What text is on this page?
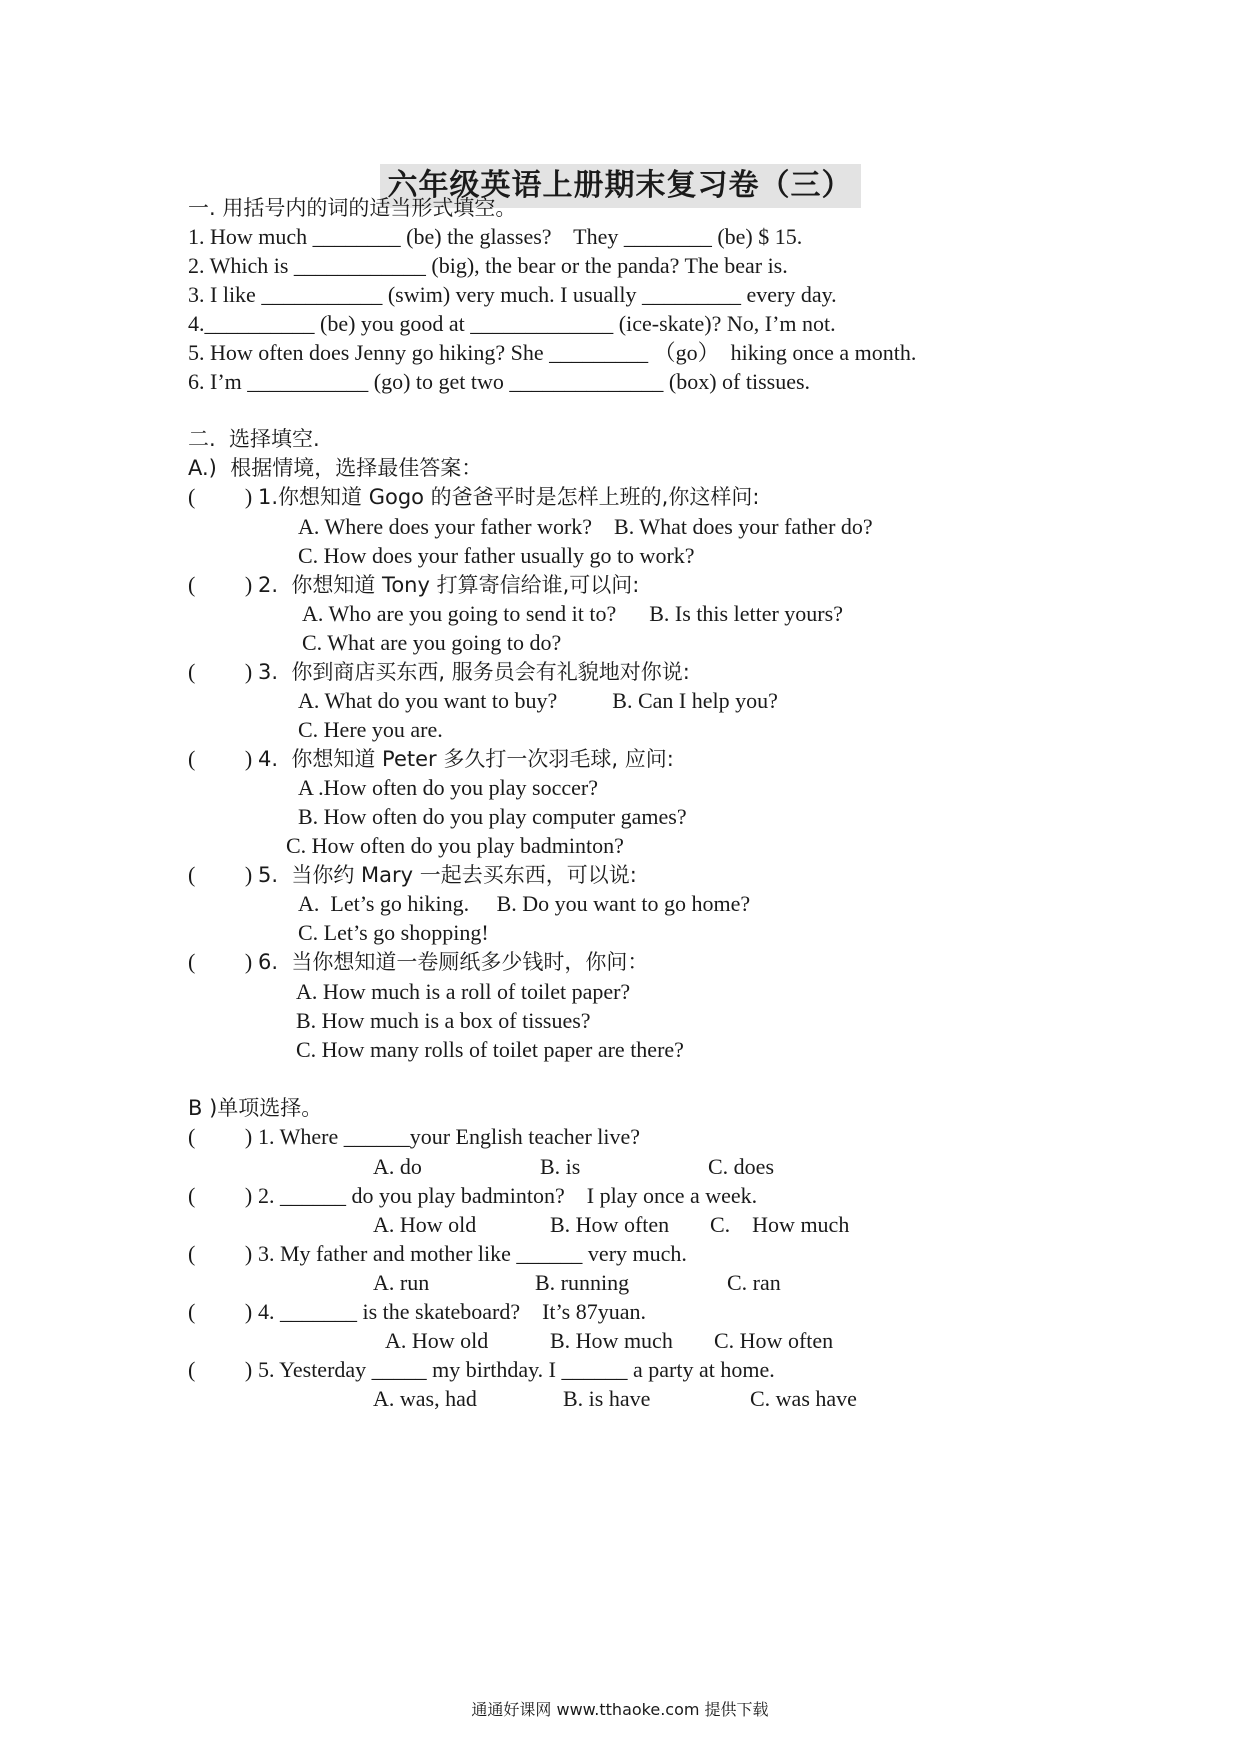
六年级英语上册期末复习卷（三）
一. 用括号内的词的适当形式填空。
1. How much ________ (be) the glasses?    They ________ (be) $ 15.
2. Which is ____________ (big), the bear or the panda? The bear is.
3. I like ___________ (swim) very much. I usually _________ every day.
4.__________ (be) you good at _____________ (ice-skate)? No, I’m not.
5. How often does Jenny go hiking? She _________ （go）  hiking once a month.
6. I’m ___________ (go) to get two ______________ (box) of tissues.
二.  选择填空.
A.)  根据情境，选择最佳答案：
(         ) 1.你想知道 Gogo 的爸爸平时是怎样上班的,你这样问:
A. Where does your father work?    B. What does your father do?
C. How does your father usually go to work?
(         ) 2.  你想知道 Tony 打算寄信给谁,可以问:
A. Who are you going to send it to?      B. Is this letter yours?
C. What are you going to do?
(         ) 3.  你到商店买东西, 服务员会有礼貌地对你说:
A. What do you want to buy?          B. Can I help you?
C. Here you are.
(         ) 4.  你想知道 Peter 多久打一次羽毛球, 应问:
A .How often do you play soccer?
B. How often do you play computer games?
C. How often do you play badminton?
(         ) 5.  当你约 Mary 一起去买东西，可以说:
A.  Let’s go hiking.     B. Do you want to go home?
C. Let’s go shopping!
(         ) 6.  当你想知道一卷厕纸多少钱时，你问：
A. How much is a roll of toilet paper?
B. How much is a box of tissues?
C. How many rolls of toilet paper are there?
B )单项选择。
(         ) 1. Where ______your English teacher live?
A. do	B. is	C. does
(         ) 2. ______ do you play badminton?    I play once a week.
A. How old	B. How often C.    How much
(         ) 3. My father and mother like ______ very much.
A. run	B. running	C. ran
(         ) 4. _______ is the skateboard?    It’s 87yuan.
A. How old	B. How much C. How often
(         ) 5. Yesterday _____ my birthday. I ______ a party at home.
A. was, had	B. is have	C. was have
通通好课网 www.tthaoke.com 提供下载
